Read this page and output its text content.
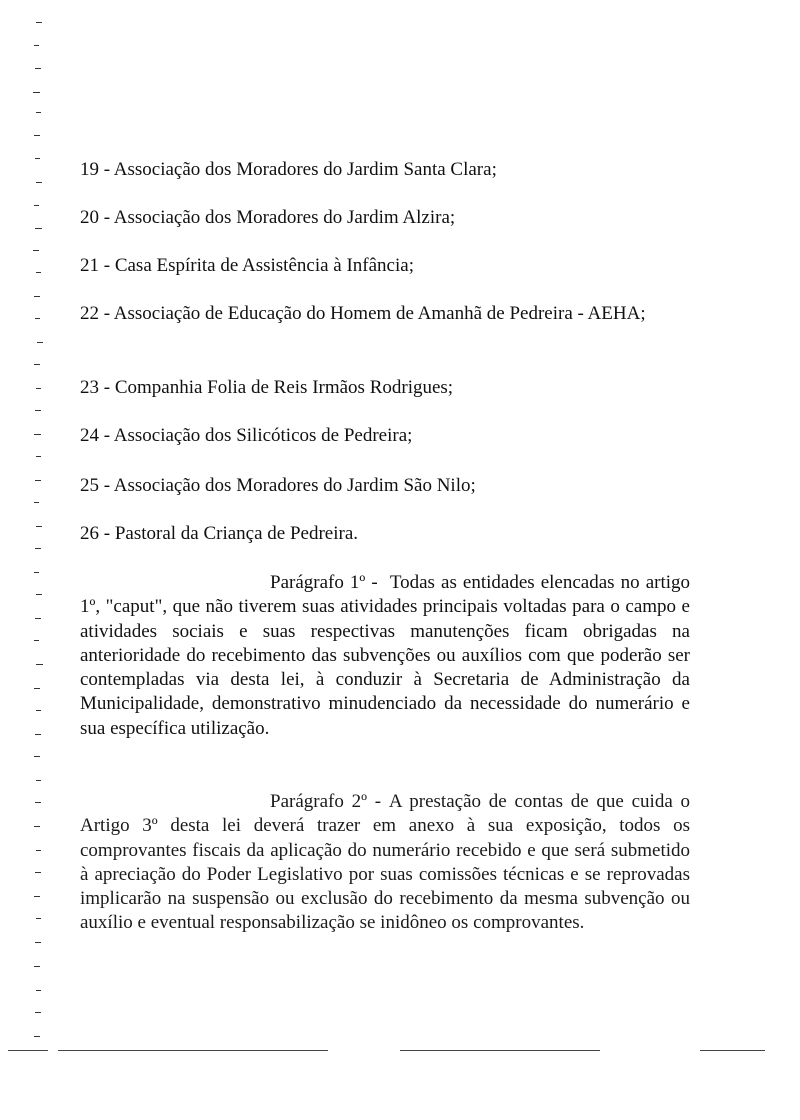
19 - Associação dos Moradores do Jardim Santa Clara;
20 - Associação dos Moradores do Jardim Alzira;
21 - Casa Espírita de Assistência à Infância;
22 - Associação de Educação do Homem de Amanhã de Pedreira - AEHA;
23 - Companhia Folia de Reis Irmãos Rodrigues;
24 - Associação dos Silicóticos de Pedreira;
25 - Associação dos Moradores do Jardim São Nilo;
26 - Pastoral da Criança de Pedreira.
Parágrafo 1º - Todas as entidades elencadas no artigo 1º, "caput", que não tiverem suas atividades principais voltadas para o campo e atividades sociais e suas respectivas manutenções ficam obrigadas na anterioridade do recebimento das subvenções ou auxílios com que poderão ser contempladas via desta lei, à conduzir à Secretaria de Administração da Municipalidade, demonstrativo minudenciado da necessidade do numerário e sua específica utilização.
Parágrafo 2º - A prestação de contas de que cuida o Artigo 3º desta lei deverá trazer em anexo à sua exposição, todos os comprovantes fiscais da aplicação do numerário recebido e que será submetido à apreciação do Poder Legislativo por suas comissões técnicas e se reprovadas implicarão na suspensão ou exclusão do recebimento da mesma subvenção ou auxílio e eventual responsabilização se inidôneo os comprovantes.
